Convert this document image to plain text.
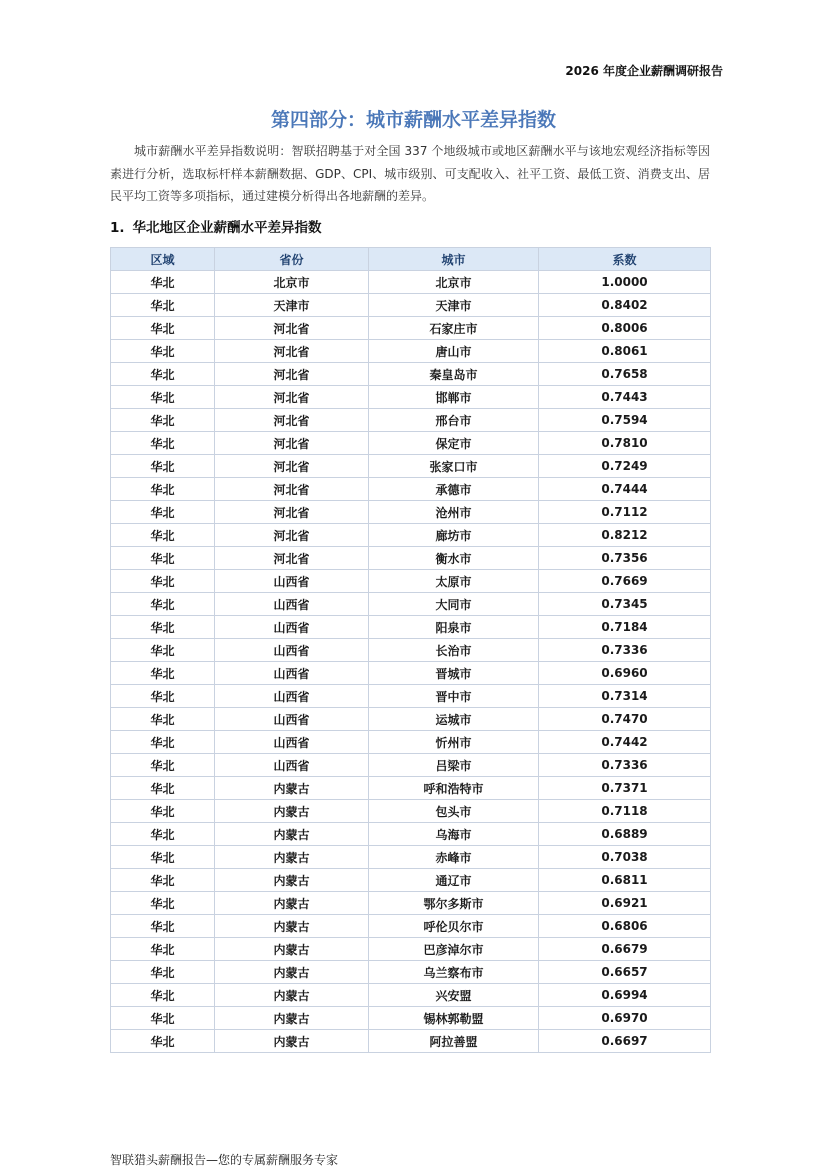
2026 年度企业薪酬调研报告
第四部分：城市薪酬水平差异指数

城市薪酬水平差异指数说明：智联招聘基于对全国 337 个地级城市或地区薪酬水平与该地宏观经济指标等因素进行分析，选取标杆样本薪酬数据、GDP、CPI、城市级别、可支配收入、社平工资、最低工资、消费支出、居民平均工资等多项指标，通过建模分析得出各地薪酬的差异。

1. 华北地区企业薪酬水平差异指数
区域	省份	城市	系数
华北	北京市	北京市	1.0000
华北	天津市	天津市	0.8402
华北	河北省	石家庄市	0.8006
华北	河北省	唐山市	0.8061
华北	河北省	秦皇岛市	0.7658
华北	河北省	邯郸市	0.7443
华北	河北省	邢台市	0.7594
华北	河北省	保定市	0.7810
华北	河北省	张家口市	0.7249
华北	河北省	承德市	0.7444
华北	河北省	沧州市	0.7112
华北	河北省	廊坊市	0.8212
华北	河北省	衡水市	0.7356
华北	山西省	太原市	0.7669
华北	山西省	大同市	0.7345
华北	山西省	阳泉市	0.7184
华北	山西省	长治市	0.7336
华北	山西省	晋城市	0.6960
华北	山西省	晋中市	0.7314
华北	山西省	运城市	0.7470
华北	山西省	忻州市	0.7442
华北	山西省	吕梁市	0.7336
华北	内蒙古	呼和浩特市	0.7371
华北	内蒙古	包头市	0.7118
华北	内蒙古	乌海市	0.6889
华北	内蒙古	赤峰市	0.7038
华北	内蒙古	通辽市	0.6811
华北	内蒙古	鄂尔多斯市	0.6921
华北	内蒙古	呼伦贝尔市	0.6806
华北	内蒙古	巴彦淖尔市	0.6679
华北	内蒙古	乌兰察布市	0.6657
华北	内蒙古	兴安盟	0.6994
华北	内蒙古	锡林郭勒盟	0.6970
华北	内蒙古	阿拉善盟	0.6697
智联猎头薪酬报告—您的专属薪酬服务专家
